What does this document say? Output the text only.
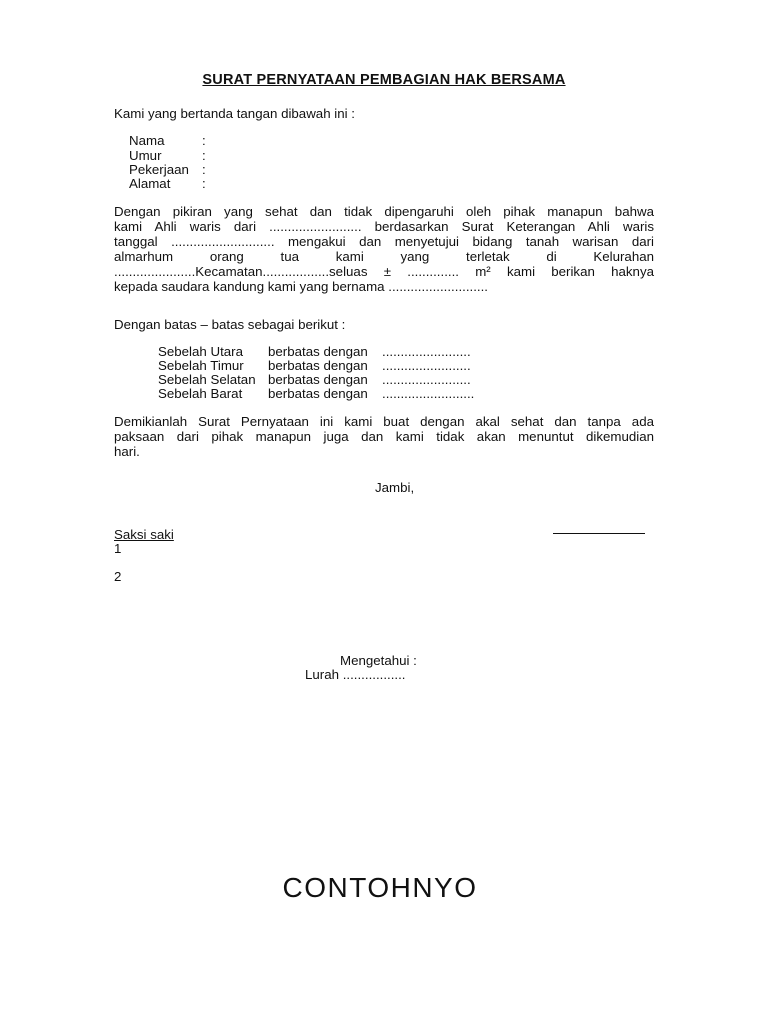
SURAT PERNYATAAN PEMBAGIAN HAK BERSAMA
Kami yang bertanda tangan dibawah ini :
Nama	:
Umur	:
Pekerjaan :
Alamat :
Dengan pikiran yang sehat dan tidak dipengaruhi oleh pihak manapun bahwa
kami Ahli waris dari ......................... berdasarkan Surat Keterangan Ahli waris
tanggal ............................ mengakui dan menyetujui bidang tanah warisan dari
almarhum orang tua kami yang terletak di Kelurahan
......................Kecamatan..................seluas ± .............. m² kami berikan haknya
kepada saudara kandung kami yang bernama ...........................
Dengan batas – batas sebagai berikut :
Sebelah Utara berbatas dengan ........................
Sebelah Timur berbatas dengan ........................
Sebelah Selatan berbatas dengan ........................
Sebelah Barat berbatas dengan .........................
Demikianlah Surat Pernyataan ini kami buat dengan akal sehat dan tanpa ada
paksaan dari pihak manapun juga dan kami tidak akan menuntut dikemudian
hari.
Jambi,
Saksi saki
1
2
Mengetahui :
Lurah .................
CONTOHNYO
